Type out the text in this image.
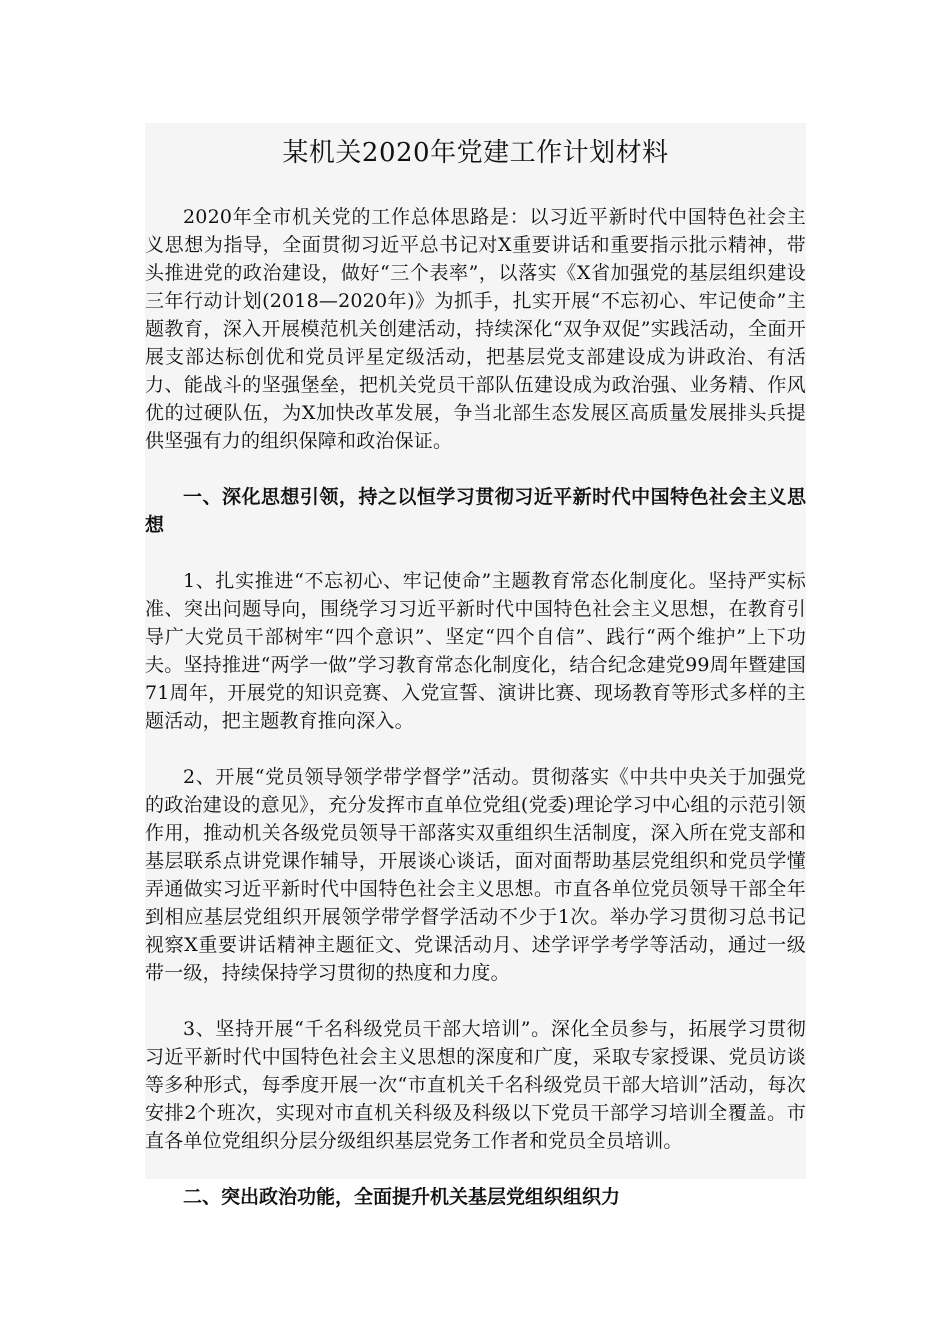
某机关2020年党建工作计划材料

2020年全市机关党的工作总体思路是：以习近平新时代中国特色社会主义思想为指导，全面贯彻习近平总书记对X重要讲话和重要指示批示精神，带头推进党的政治建设，做好“三个表率”，以落实《X省加强党的基层组织建设三年行动计划(2018—2020年)》为抓手，扎实开展“不忘初心、牢记使命”主题教育，深入开展模范机关创建活动，持续深化“双争双促”实践活动，全面开展支部达标创优和党员评星定级活动，把基层党支部建设成为讲政治、有活力、能战斗的坚强堡垒，把机关党员干部队伍建设成为政治强、业务精、作风优的过硬队伍，为X加快改革发展，争当北部生态发展区高质量发展排头兵提供坚强有力的组织保障和政治保证。

一、深化思想引领，持之以恒学习贯彻习近平新时代中国特色社会主义思想

1、扎实推进“不忘初心、牢记使命”主题教育常态化制度化。坚持严实标准、突出问题导向，围绕学习习近平新时代中国特色社会主义思想，在教育引导广大党员干部树牢“四个意识”、坚定“四个自信”、践行“两个维护”上下功夫。坚持推进“两学一做”学习教育常态化制度化，结合纪念建党99周年暨建国71周年，开展党的知识竞赛、入党宣誓、演讲比赛、现场教育等形式多样的主题活动，把主题教育推向深入。

2、开展“党员领导领学带学督学”活动。贯彻落实《中共中央关于加强党的政治建设的意见》，充分发挥市直单位党组(党委)理论学习中心组的示范引领作用，推动机关各级党员领导干部落实双重组织生活制度，深入所在党支部和基层联系点讲党课作辅导，开展谈心谈话，面对面帮助基层党组织和党员学懂弄通做实习近平新时代中国特色社会主义思想。市直各单位党员领导干部全年到相应基层党组织开展领学带学督学活动不少于1次。举办学习贯彻习总书记视察X重要讲话精神主题征文、党课活动月、述学评学考学等活动，通过一级带一级，持续保持学习贯彻的热度和力度。

3、坚持开展“千名科级党员干部大培训”。深化全员参与，拓展学习贯彻习近平新时代中国特色社会主义思想的深度和广度，采取专家授课、党员访谈等多种形式，每季度开展一次“市直机关千名科级党员干部大培训”活动，每次安排2个班次，实现对市直机关科级及科级以下党员干部学习培训全覆盖。市直各单位党组织分层分级组织基层党务工作者和党员全员培训。

二、突出政治功能，全面提升机关基层党组织组织力
